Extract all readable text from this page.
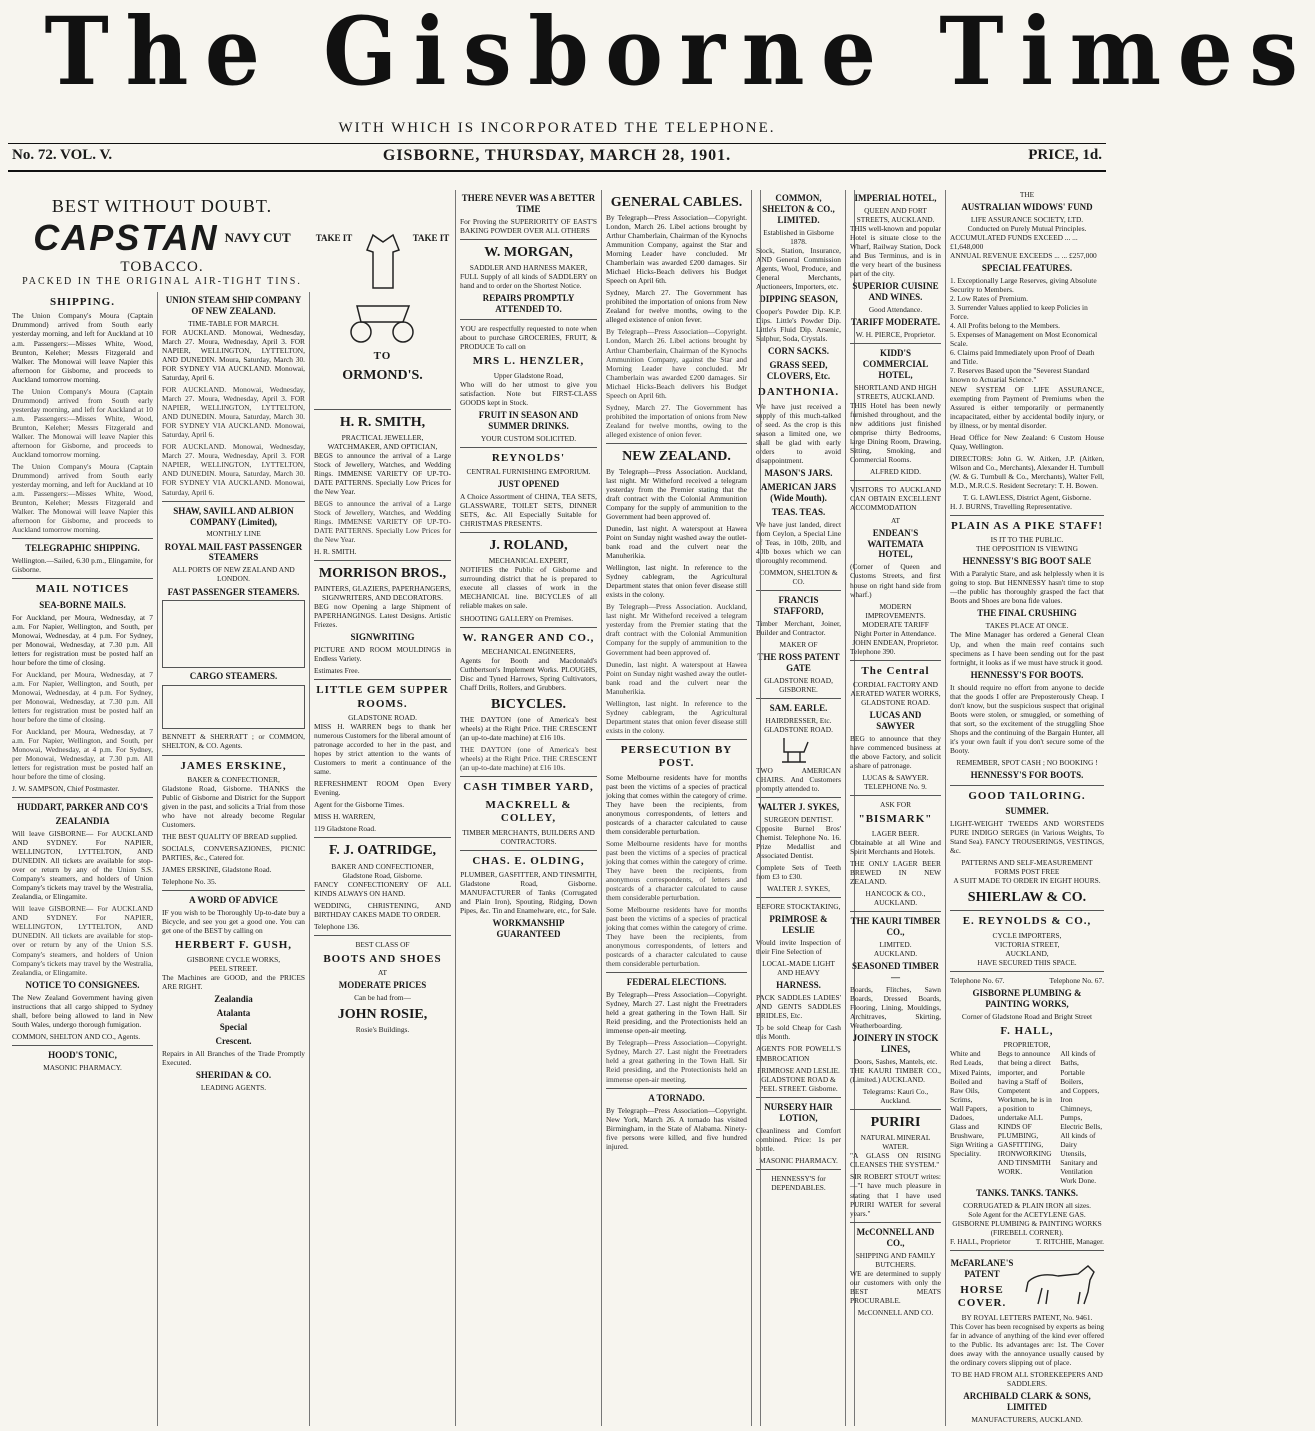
The Gisborne Times
WITH WHICH IS INCORPORATED THE TELEPHONE.
No. 72. VOL. V.	GISBORNE, THURSDAY, MARCH 28, 1901.	PRICE, 1d.
BEST WITHOUT DOUBT.
CAPSTAN NAVY CUT
TOBACCO.
PACKED IN THE ORIGINAL AIR-TIGHT TINS.
SHIPPING.

The Union Company's Moura (Captain Drummond) arrived from South early yesterday morning, and left for Auckland at 10 a.m. Passengers:—Misses White, Wood, Brunton, Keleher; Messrs Fitzgerald and Walker. The Monowai will leave Napier this afternoon for Gisborne, and proceeds to Auckland tomorrow morning.

The Union Company's Moura (Captain Drummond) arrived from South early yesterday morning, and left for Auckland at 10 a.m. Passengers:—Misses White, Wood, Brunton, Keleher; Messrs Fitzgerald and Walker. The Monowai will leave Napier this afternoon for Gisborne, and proceeds to Auckland tomorrow morning.

The Union Company's Moura (Captain Drummond) arrived from South early yesterday morning, and left for Auckland at 10 a.m. Passengers:—Misses White, Wood, Brunton, Keleher; Messrs Fitzgerald and Walker. The Monowai will leave Napier this afternoon for Gisborne, and proceeds to Auckland tomorrow morning.

TELEGRAPHIC SHIPPING.

Wellington.—Sailed, 6.30 p.m., Elingamite, for Gisborne.

MAIL NOTICES
SEA-BORNE MAILS.

For Auckland, per Moura, Wednesday, at 7 a.m. For Napier, Wellington, and South, per Monowai, Wednesday, at 4 p.m. For Sydney, per Monowai, Wednesday, at 7.30 p.m. All letters for registration must be posted half an hour before the time of closing.

For Auckland, per Moura, Wednesday, at 7 a.m. For Napier, Wellington, and South, per Monowai, Wednesday, at 4 p.m. For Sydney, per Monowai, Wednesday, at 7.30 p.m. All letters for registration must be posted half an hour before the time of closing.

For Auckland, per Moura, Wednesday, at 7 a.m. For Napier, Wellington, and South, per Monowai, Wednesday, at 4 p.m. For Sydney, per Monowai, Wednesday, at 7.30 p.m. All letters for registration must be posted half an hour before the time of closing.

J. W. SAMPSON, Chief Postmaster.

HUDDART, PARKER AND CO'S
ZEALANDIA

Will leave GISBORNE— For AUCKLAND AND SYDNEY. For NAPIER, WELLINGTON, LYTTELTON, AND DUNEDIN. All tickets are available for stop-over or return by any of the Union S.S. Company's steamers, and holders of Union Company's tickets may travel by the Westralia, Zealandia, or Elingamite.

Will leave GISBORNE— For AUCKLAND AND SYDNEY. For NAPIER, WELLINGTON, LYTTELTON, AND DUNEDIN. All tickets are available for stop-over or return by any of the Union S.S. Company's steamers, and holders of Union Company's tickets may travel by the Westralia, Zealandia, or Elingamite.

NOTICE TO CONSIGNEES.

The New Zealand Government having given instructions that all cargo shipped to Sydney shall, before being allowed to land in New South Wales, undergo thorough fumigation.

COMMON, SHELTON AND CO., Agents.

HOOD'S TONIC,
MASONIC PHARMACY.
UNION STEAM SHIP COMPANY OF NEW ZEALAND.
TIME-TABLE FOR MARCH.

FOR AUCKLAND. Monowai, Wednesday, March 27. Moura, Wednesday, April 3. FOR NAPIER, WELLINGTON, LYTTELTON, AND DUNEDIN. Moura, Saturday, March 30. FOR SYDNEY VIA AUCKLAND. Monowai, Saturday, April 6.

FOR AUCKLAND. Monowai, Wednesday, March 27. Moura, Wednesday, April 3. FOR NAPIER, WELLINGTON, LYTTELTON, AND DUNEDIN. Moura, Saturday, March 30. FOR SYDNEY VIA AUCKLAND. Monowai, Saturday, April 6.

FOR AUCKLAND. Monowai, Wednesday, March 27. Moura, Wednesday, April 3. FOR NAPIER, WELLINGTON, LYTTELTON, AND DUNEDIN. Moura, Saturday, March 30. FOR SYDNEY VIA AUCKLAND. Monowai, Saturday, April 6.

SHAW, SAVILL AND ALBION COMPANY (Limited),
MONTHLY LINE
ROYAL MAIL FAST PASSENGER STEAMERS
ALL PORTS OF NEW ZEALAND AND LONDON.
FAST PASSENGER STEAMERS.
CARGO STEAMERS.

BENNETT & SHERRATT ; or COMMON, SHELTON, & CO. Agents.

JAMES ERSKINE,
BAKER & CONFECTIONER,

Gladstone Road, Gisborne. THANKS the Public of Gisborne and District for the Support given in the past, and solicits a Trial from those who have not already become Regular Customers.

THE BEST QUALITY OF BREAD supplied.

SOCIALS, CONVERSAZIONES, PICNIC PARTIES, &c., Catered for.

JAMES ERSKINE, Gladstone Road.

Telephone No. 35.

A WORD OF ADVICE

IF you wish to be Thoroughly Up-to-date buy a Bicycle, and see you get a good one. You can get one of the BEST by calling on

HERBERT F. GUSH,
GISBORNE CYCLE WORKS,
PEEL STREET.

The Machines are GOOD, and the PRICES ARE RIGHT.

Zealandia
Atalanta
Special
Crescent.

Repairs in All Branches of the Trade Promptly Executed.

SHERIDAN & CO.
LEADING AGENTS.
TAKE IT	TAKE IT
TO
ORMOND'S.
H. R. SMITH,
PRACTICAL JEWELLER, WATCHMAKER, AND OPTICIAN,

BEGS to announce the arrival of a Large Stock of Jewellery, Watches, and Wedding Rings. IMMENSE VARIETY OF UP-TO-DATE PATTERNS. Specially Low Prices for the New Year.

BEGS to announce the arrival of a Large Stock of Jewellery, Watches, and Wedding Rings. IMMENSE VARIETY OF UP-TO-DATE PATTERNS. Specially Low Prices for the New Year.

H. R. SMITH.

MORRISON BROS.,
PAINTERS, GLAZIERS, PAPERHANGERS, SIGNWRITERS, AND DECORATORS.

BEG now Opening a large Shipment of PAPERHANGINGS. Latest Designs. Artistic Friezes.

SIGNWRITING

PICTURE AND ROOM MOULDINGS in Endless Variety.

Estimates Free.

LITTLE GEM SUPPER ROOMS.
GLADSTONE ROAD.

MISS H. WARREN begs to thank her numerous Customers for the liberal amount of patronage accorded to her in the past, and hopes by strict attention to the wants of Customers to merit a continuance of the same.

REFRESHMENT ROOM Open Every Evening.

Agent for the Gisborne Times.

MISS H. WARREN,

119 Gladstone Road.

F. J. OATRIDGE,
BAKER AND CONFECTIONER,
Gladstone Road, Gisborne.

FANCY CONFECTIONERY OF ALL KINDS ALWAYS ON HAND.

WEDDING, CHRISTENING, AND BIRTHDAY CAKES MADE TO ORDER.

Telephone 136.

BEST CLASS OF
BOOTS AND SHOES
AT
MODERATE PRICES
Can be had from—
JOHN ROSIE,
Rosie's Buildings.
THERE NEVER WAS A BETTER TIME

For Proving the SUPERIORITY OF EAST'S BAKING POWDER OVER ALL OTHERS

W. MORGAN,
SADDLER AND HARNESS MAKER,

FULL Supply of all kinds of SADDLERY on hand and to order on the Shortest Notice.

REPAIRS PROMPTLY ATTENDED TO.

YOU are respectfully requested to note when about to purchase GROCERIES, FRUIT, & PRODUCE To call on

MRS L. HENZLER,
Upper Gladstone Road,

Who will do her utmost to give you satisfaction. Note but FIRST-CLASS GOODS kept in Stock.

FRUIT IN SEASON AND SUMMER DRINKS.
YOUR CUSTOM SOLICITED.
REYNOLDS'
CENTRAL FURNISHING EMPORIUM.
JUST OPENED

A Choice Assortment of CHINA, TEA SETS, GLASSWARE, TOILET SETS, DINNER SETS, &c. All Especially Suitable for CHRISTMAS PRESENTS.

J. ROLAND,
MECHANICAL EXPERT,

NOTIFIES the Public of Gisborne and surrounding district that he is prepared to execute all classes of work in the MECHANICAL line. BICYCLES of all reliable makes on sale.

SHOOTING GALLERY on Premises.

W. RANGER AND CO.,
MECHANICAL ENGINEERS,

Agents for Booth and Macdonald's Cuthbertson's Implement Works. PLOUGHS, Disc and Tyned Harrows, Spring Cultivators, Chaff Drills, Rollers, and Grubbers.

BICYCLES.

THE DAYTON (one of America's best wheels) at the Right Price. THE CRESCENT (an up-to-date machine) at £16 10s.

THE DAYTON (one of America's best wheels) at the Right Price. THE CRESCENT (an up-to-date machine) at £16 10s.

CASH TIMBER YARD,
MACKRELL & COLLEY,
TIMBER MERCHANTS, BUILDERS AND CONTRACTORS.
CHAS. E. OLDING,
PLUMBER, GASFITTER, AND TINSMITH,

Gladstone Road, Gisborne. MANUFACTURER of Tanks (Corrugated and Plain Iron), Spouting, Ridging, Down Pipes, &c. Tin and Enamelware, etc., for Sale.

WORKMANSHIP GUARANTEED
GENERAL CABLES.

By Telegraph—Press Association—Copyright. London, March 26. Libel actions brought by Arthur Chamberlain, Chairman of the Kynochs Ammunition Company, against the Star and Morning Leader have concluded. Mr Chamberlain was awarded £200 damages. Sir Michael Hicks-Beach delivers his Budget Speech on April 6th.

Sydney, March 27. The Government has prohibited the importation of onions from New Zealand for twelve months, owing to the alleged existence of onion fever.

By Telegraph—Press Association—Copyright. London, March 26. Libel actions brought by Arthur Chamberlain, Chairman of the Kynochs Ammunition Company, against the Star and Morning Leader have concluded. Mr Chamberlain was awarded £200 damages. Sir Michael Hicks-Beach delivers his Budget Speech on April 6th.

Sydney, March 27. The Government has prohibited the importation of onions from New Zealand for twelve months, owing to the alleged existence of onion fever.

NEW ZEALAND.

By Telegraph—Press Association. Auckland, last night. Mr Witheford received a telegram yesterday from the Premier stating that the draft contract with the Colonial Ammunition Company for the supply of ammunition to the Government had been approved of.

Dunedin, last night. A waterspout at Hawea Point on Sunday night washed away the outlet-bank road and the culvert near the Manuherikia.

Wellington, last night. In reference to the Sydney cablegram, the Agricultural Department states that onion fever disease still exists in the colony.

By Telegraph—Press Association. Auckland, last night. Mr Witheford received a telegram yesterday from the Premier stating that the draft contract with the Colonial Ammunition Company for the supply of ammunition to the Government had been approved of.

Dunedin, last night. A waterspout at Hawea Point on Sunday night washed away the outlet-bank road and the culvert near the Manuherikia.

Wellington, last night. In reference to the Sydney cablegram, the Agricultural Department states that onion fever disease still exists in the colony.

PERSECUTION BY POST.

Some Melbourne residents have for months past been the victims of a species of practical joking that comes within the category of crime. They have been the recipients, from anonymous correspondents, of letters and postcards of a character calculated to cause them considerable perturbation.

Some Melbourne residents have for months past been the victims of a species of practical joking that comes within the category of crime. They have been the recipients, from anonymous correspondents, of letters and postcards of a character calculated to cause them considerable perturbation.

Some Melbourne residents have for months past been the victims of a species of practical joking that comes within the category of crime. They have been the recipients, from anonymous correspondents, of letters and postcards of a character calculated to cause them considerable perturbation.

FEDERAL ELECTIONS.

By Telegraph—Press Association—Copyright. Sydney, March 27. Last night the Freetraders held a great gathering in the Town Hall. Sir Reid presiding, and the Protectionists held an immense open-air meeting.

By Telegraph—Press Association—Copyright. Sydney, March 27. Last night the Freetraders held a great gathering in the Town Hall. Sir Reid presiding, and the Protectionists held an immense open-air meeting.

A TORNADO.

By Telegraph—Press Association—Copyright. New York, March 26. A tornado has visited Birmingham, in the State of Alabama. Ninety-five persons were killed, and five hundred injured.

COMMON, SHELTON & CO., LIMITED.
Established in Gisborne 1878.

Stock, Station, Insurance, AND General Commission Agents, Wool, Produce, and General Merchants, Auctioneers, Importers, etc.

DIPPING SEASON,

Cooper's Powder Dip. K.P. Dips. Little's Powder Dip. Little's Fluid Dip. Arsenic, Sulphur, Soda, Crystals.

CORN SACKS.
GRASS SEED, CLOVERS, Etc.
DANTHONIA.

We have just received a supply of this much-talked of seed. As the crop is this season a limited one, we shall be glad with early orders to avoid disappointment.

MASON'S JARS.
AMERICAN JARS (Wide Mouth).
TEAS. TEAS.

We have just landed, direct from Ceylon, a Special Line of Teas, in 10lb, 20lb, and 40lb boxes which we can thoroughly recommend.

COMMON, SHELTON & CO.
FRANCIS STAFFORD,

Timber Merchant, Joiner, Builder and Contractor.

MAKER OF
THE ROSS PATENT GATE
GLADSTONE ROAD, GISBORNE.
SAM. EARLE.
HAIRDRESSER, Etc.
GLADSTONE ROAD.

TWO AMERICAN CHAIRS. And Customers promptly attended to.

WALTER J. SYKES,
SURGEON DENTIST.

Opposite Burnel Bros' Chemist. Telephone No. 16. Prize Medallist and Associated Dentist.

Complete Sets of Teeth from £3 to £30.

WALTER J. SYKES,
BEFORE STOCKTAKING,
PRIMROSE & LESLIE

Would invite Inspection of their Fine Selection of

LOCAL-MADE LIGHT AND HEAVY
HARNESS.

PACK SADDLES LADIES' AND GENTS SADDLES BRIDLES, Etc.

To be sold Cheap for Cash this Month.

AGENTS FOR POWELL'S EMBROCATION

PRIMROSE AND LESLIE.
GLADSTONE ROAD & PEEL STREET. Gisborne.
NURSERY HAIR LOTION,

Cleanliness and Comfort combined. Price: 1s per bottle.

MASONIC PHARMACY.
HENNESSY'S for DEPENDABLES.
IMPERIAL HOTEL,
QUEEN AND FORT STREETS, AUCKLAND.

THIS well-known and popular Hotel is situate close to the Wharf, Railway Station, Dock and Bus Terminus, and is in the very heart of the business part of the city.

SUPERIOR CUISINE AND WINES.
Good Attendance.
TARIFF MODERATE.
W. H. PIERCE, Proprietor.
KIDD'S COMMERCIAL HOTEL,
SHORTLAND AND HIGH STREETS, AUCKLAND.

THIS Hotel has been newly furnished throughout, and the new additions just finished comprise thirty Bedrooms, large Dining Room, Drawing, Sitting, Smoking, and Commercial Rooms.

ALFRED KIDD.

VISITORS TO AUCKLAND CAN OBTAIN EXCELLENT ACCOMMODATION

AT
ENDEAN'S WAITEMATA HOTEL,

(Corner of Queen and Customs Streets, and first house on right hand side from wharf.)

MODERN IMPROVEMENTS. MODERATE TARIFF
Night Porter in Attendance.
JOHN ENDEAN, Proprietor.
Telephone 390.
The Central
CORDIAL FACTORY AND AERATED WATER WORKS,
GLADSTONE ROAD.
LUCAS AND SAWYER

BEG to announce that they have commenced business at the above Factory, and solicit a share of patronage.

LUCAS & SAWYER.
TELEPHONE No. 9.
ASK FOR
"BISMARK"
LAGER BEER.

Obtainable at all Wine and Spirit Merchants and Hotels.

THE ONLY LAGER BEER BREWED IN NEW ZEALAND.

HANCOCK & CO., AUCKLAND.
THE KAURI TIMBER CO.,
LIMITED.
AUCKLAND.
SEASONED TIMBER—

Boards, Flitches, Sawn Boards, Dressed Boards, Flooring, Lining, Mouldings, Architraves, Skirting, Weatherboarding.

JOINERY IN STOCK LINES,
Doors, Sashes, Mantels, etc.

THE KAURI TIMBER CO., (Limited.) AUCKLAND.

Telegrams: Kauri Co., Auckland.
PURIRI
NATURAL MINERAL WATER.

"A GLASS ON RISING CLEANSES THE SYSTEM."

SIR ROBERT STOUT writes:—"I have much pleasure in stating that I have used PURIRI WATER for several years."

McCONNELL AND CO.,
SHIPPING AND FAMILY BUTCHERS.

WE are determined to supply our customers with only the BEST MEATS PROCURABLE.

McCONNELL AND CO.
THE
AUSTRALIAN WIDOWS' FUND
LIFE ASSURANCE SOCIETY, LTD.
Conducted on Purely Mutual Principles.
ACCUMULATED FUNDS EXCEED ... ... £1,648,000
ANNUAL REVENUE EXCEEDS ... ... £257,000
SPECIAL FEATURES.
1. Exceptionally Large Reserves, giving Absolute Security to Members.
2. Low Rates of Premium.
3. Surrender Values applied to keep Policies in Force.
4. All Profits belong to the Members.
5. Expenses of Management on Most Economical Scale.
6. Claims paid Immediately upon Proof of Death and Title.
7. Reserves Based upon the "Severest Standard known to Actuarial Science."

NEW SYSTEM OF LIFE ASSURANCE, exempting from Payment of Premiums when the Assured is either temporarily or permanently incapacitated, either by accidental bodily injury, or by illness, or by mental disorder.

Head Office for New Zealand: 6 Custom House Quay, Wellington.

DIRECTORS: John G. W. Aitken, J.P. (Aitken, Wilson and Co., Merchants), Alexander H. Turnbull (W. & G. Turnbull & Co., Merchants), Walter Fell, M.D., M.R.C.S. Resident Secretary: T. H. Bowen.

T. G. LAWLESS, District Agent, Gisborne.
H. J. BURNS, Travelling Representative.
PLAIN AS A PIKE STAFF!
IS IT TO THE PUBLIC.
THE OPPOSITION IS VIEWING
HENNESSY'S BIG BOOT SALE

With a Paralytic Stare, and ask helplessly when it is going to stop. But HENNESSY hasn't time to stop—the public has thoroughly grasped the fact that Boots and Shoes are bona fide values.

THE FINAL CRUSHING
TAKES PLACE AT ONCE.

The Mine Manager has ordered a General Clean Up, and when the main reef contains such specimens as I have been sending out for the past fortnight, it looks as if we must have struck it good.

HENNESSY'S FOR BOOTS.

It should require no effort from anyone to decide that the goods I offer are Preposterously Cheap. I don't know, but the suspicious suspect that original Boots were stolen, or smuggled, or something of that sort, so the excitement of the struggling Shoe Shops and the continuing of the Bargain Hunter, all it's your own fault if you don't secure some of the Booty.

REMEMBER, SPOT CASH ; NO BOOKING !
HENNESSY'S FOR BOOTS.
GOOD TAILORING.
SUMMER.

LIGHT-WEIGHT TWEEDS AND WORSTEDS PURE INDIGO SERGES (in Various Weights, To Stand Sea). FANCY TROUSERINGS, VESTINGS, &c.

PATTERNS AND SELF-MEASUREMENT FORMS POST FREE
A SUIT MADE TO ORDER IN EIGHT HOURS.
SHIERLAW & CO.
E. REYNOLDS & CO.,
CYCLE IMPORTERS,
VICTORIA STREET,
AUCKLAND,
HAVE SECURED THIS SPACE.
Telephone No. 67.	Telephone No. 67.
GISBORNE PLUMBING & PAINTING WORKS,
Corner of Gladstone Road and Bright Street
F. HALL,
PROPRIETOR,
White and Red Leads,
Mixed Paints,
Boiled and Raw Oils,
Scrims,
Wall Papers, Dadoes,
Glass and Brushware,
Sign Writing a Speciality.
Begs to announce that being a direct importer, and having a Staff of Competent Workmen, he is in a position to undertake ALL KINDS OF PLUMBING, GASFITTING, IRONWORKING AND TINSMITH WORK.
All kinds of Baths,
Portable Boilers,
and Coppers,
Iron Chimneys,
Pumps,
Electric Bells,
All kinds of Dairy Utensils,
Sanitary and Ventilation Work Done.
TANKS. TANKS. TANKS.
CORRUGATED & PLAIN IRON all sizes.
Sole Agent for the ACETYLENE GAS.
GISBORNE PLUMBING & PAINTING WORKS
(FIREBELL CORNER).
F. HALL, Proprietor	T. RITCHIE, Manager.
McFARLANE'S PATENT
HORSE COVER.
BY ROYAL LETTERS PATENT, No. 9461.

This Cover has been recognised by experts as being far in advance of anything of the kind ever offered to the Public. Its advantages are: 1st. The Cover does away with the annoyance usually caused by the ordinary covers slipping out of place.

TO BE HAD FROM ALL STOREKEEPERS AND SADDLERS.
ARCHIBALD CLARK & SONS, LIMITED
MANUFACTURERS, AUCKLAND.
